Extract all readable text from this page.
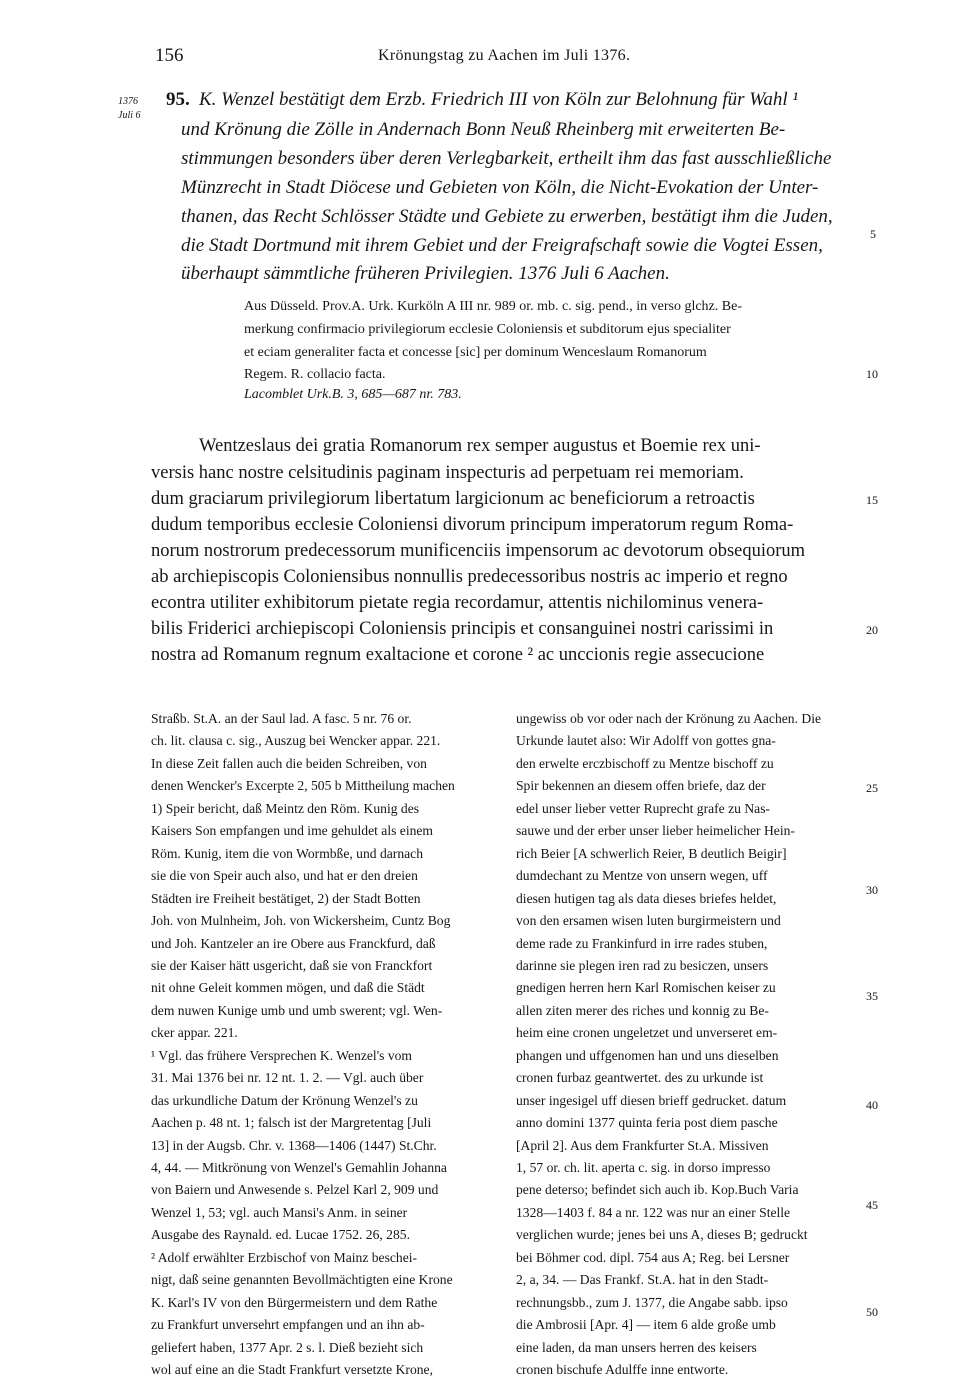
156	Krönungstag zu Aachen im Juli 1376.
1376
Juli 6
95. K. Wenzel bestätigt dem Erzb. Friedrich III von Köln zur Belohnung für Wahl ¹
und Krönung die Zölle in Andernach Bonn Neuß Rheinberg mit erweiterten Be-
stimmungen besonders über deren Verlegbarkeit, ertheilt ihm das fast ausschließliche
Münzrecht in Stadt Diöcese und Gebieten von Köln, die Nicht-Evokation der Unter-
thanen, das Recht Schlösser Städte und Gebiete zu erwerben, bestätigt ihm die Juden,
die Stadt Dortmund mit ihrem Gebiet und der Freigrafschaft sowie die Vogtei Essen,
überhaupt sämmtliche früheren Privilegien. 1376 Juli 6 Aachen.
Aus Düsseld. Prov.A. Urk. Kurköln A III nr. 989 or. mb. c. sig. pend., in verso glchz. Be-
merkung confirmacio privilegiorum ecclesie Coloniensis et subditorum ejus specialiter
et eciam generaliter facta et concesse [sic] per dominum Wenceslaum Romanorum
Regem. R. collacio facta.
Lacomblet Urk.B. 3, 685—687 nr. 783.
Wentzeslaus dei gratia Romanorum rex semper augustus et Boemie rex uni-
versis hanc nostre celsitudinis paginam inspecturis ad perpetuam rei memoriam.
dum graciarum privilegiorum libertatum largicionum ac beneficiorum a retroactis
dudum temporibus ecclesie Coloniensi divorum principum imperatorum regum Roma-
norum nostrorum predecessorum munificenciis impensorum ac devotorum obsequiorum
ab archiepiscopis Coloniensibus nonnullis predecessoribus nostris ac imperio et regno
econtra utiliter exhibitorum pietate regia recordamur, attentis nichilominus venera-
bilis Friderici archiepiscopi Coloniensis principis et consanguinei nostri carissimi in
nostra ad Romanum regnum exaltacione et corone ² ac unccionis regie assecucione
Straßb. St.A. an der Saul lad. A fasc. 5 nr. 76 or.
ch. lit. clausa c. sig., Auszug bei Wencker appar. 221.
In diese Zeit fallen auch die beiden Schreiben, von
denen Wencker's Excerpte 2, 505 b Mittheilung machen
1) Speir bericht, daß Meintz den Röm. Kunig des
Kaisers Son empfangen und ime gehuldet als einem
Röm. Kunig, item die von Wormbße, und darnach
sie die von Speir auch also, und hat er den dreien
Städten ire Freiheit bestätiget, 2) der Stadt Botten
Joh. von Mulnheim, Joh. von Wickersheim, Cuntz Bog
und Joh. Kantzeler an ire Obere aus Franckfurd, daß
sie der Kaiser hätt usgericht, daß sie von Franckfort
nit ohne Geleit kommen mögen, und daß die Städt
dem nuwen Kunige umb und umb swerent; vgl. Wen-
cker appar. 221.
¹ Vgl. das frühere Versprechen K. Wenzel's vom
31. Mai 1376 bei nr. 12 nt. 1. 2. — Vgl. auch über
das urkundliche Datum der Krönung Wenzel's zu
Aachen p. 48 nt. 1; falsch ist der Margretentag [Juli
13] in der Augsb. Chr. v. 1368—1406 (1447) St.Chr.
4, 44. — Mitkrönung von Wenzel's Gemahlin Johanna
von Baiern und Anwesende s. Pelzel Karl 2, 909 und
Wenzel 1, 53; vgl. auch Mansi's Anm. in seiner
Ausgabe des Raynald. ed. Lucae 1752. 26, 285.
² Adolf erwählter Erzbischof von Mainz beschei-
nigt, daß seine genannten Bevollmächtigten eine Krone
K. Karl's IV von den Bürgermeistern und dem Rathe
zu Frankfurt unversehrt empfangen und an ihn ab-
geliefert haben, 1377 Apr. 2 s. l. Dieß bezieht sich
wol auf eine an die Stadt Frankfurt versetzte Krone,
ungewiss ob vor oder nach der Krönung zu Aachen. Die
Urkunde lautet also: Wir Adolff von gottes gna-
den erwelte erczbischoff zu Mentze bischoff zu
Spir bekennen an diesem offen briefe, daz der
edel unser lieber vetter Ruprecht grafe zu Nas-
sauwe und der erber unser lieber heimelicher Hein-
rich Beier [A schwerlich Reier, B deutlich Beigir]
dumdechant zu Mentze von unsern wegen, uff
diesen hutigen tag als data dieses briefes heldet,
von den ersamen wisen luten burgirmeistern und
deme rade zu Frankinfurd in irre rades stuben,
darinne sie plegen iren rad zu besiczen, unsers
gnedigen herren hern Karl Romischen keiser zu
allen ziten merer des riches und konnig zu Be-
heim eine cronen ungeletzet und unverseret em-
phangen und uffgenomen han und uns dieselben
cronen furbaz geantwertet. des zu urkunde ist
unser ingesigel uff diesen brieff gedrucket. datum
anno domini 1377 quinta feria post diem pasche
[April 2]. Aus dem Frankfurter St.A. Missiven
1, 57 or. ch. lit. aperta c. sig. in dorso impresso
pene deterso; befindet sich auch ib. Kop.Buch Varia
1328—1403 f. 84 a nr. 122 was nur an einer Stelle
verglichen wurde; jenes bei uns A, dieses B; gedruckt
bei Böhmer cod. dipl. 754 aus A; Reg. bei Lersner
2, a, 34. — Das Frankf. St.A. hat in den Stadt-
rechnungsbb., zum J. 1377, die Angabe sabb. ipso
die Ambrosii [Apr. 4] — item 6 alde große umb
eine laden, da man unsers herren des keisers
cronen bischufe Adulffe inne entworte.
5
10
15
20
25
30
35
40
45
50
